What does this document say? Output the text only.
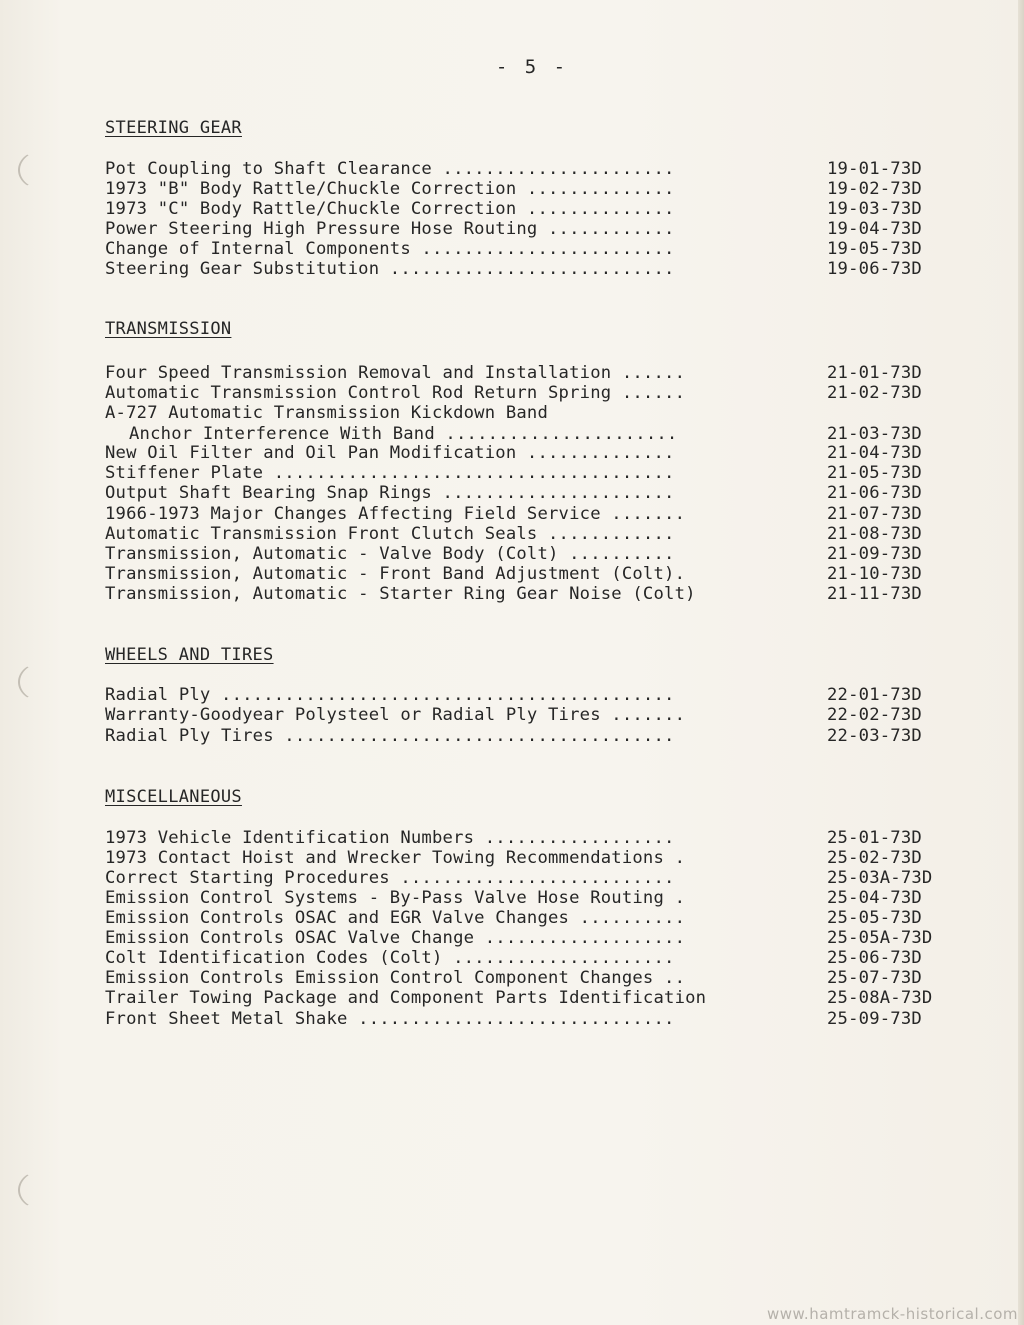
- 5 -
STEERING GEAR
Pot Coupling to Shaft Clearance ......................	19-01-73D
1973 "B" Body Rattle/Chuckle Correction ..............	19-02-73D
1973 "C" Body Rattle/Chuckle Correction ..............	19-03-73D
Power Steering High Pressure Hose Routing ............	19-04-73D
Change of Internal Components ........................	19-05-73D
Steering Gear Substitution ...........................	19-06-73D
TRANSMISSION
Four Speed Transmission Removal and Installation ......	21-01-73D
Automatic Transmission Control Rod Return Spring ......	21-02-73D
A-727 Automatic Transmission Kickdown Band
Anchor Interference With Band ......................	21-03-73D
New Oil Filter and Oil Pan Modification ..............	21-04-73D
Stiffener Plate ......................................	21-05-73D
Output Shaft Bearing Snap Rings ......................	21-06-73D
1966-1973 Major Changes Affecting Field Service .......	21-07-73D
Automatic Transmission Front Clutch Seals ............	21-08-73D
Transmission, Automatic - Valve Body (Colt) ..........	21-09-73D
Transmission, Automatic - Front Band Adjustment (Colt).	21-10-73D
Transmission, Automatic - Starter Ring Gear Noise (Colt)	21-11-73D
WHEELS AND TIRES
Radial Ply ...........................................	22-01-73D
Warranty-Goodyear Polysteel or Radial Ply Tires .......	22-02-73D
Radial Ply Tires .....................................	22-03-73D
MISCELLANEOUS
1973 Vehicle Identification Numbers ..................	25-01-73D
1973 Contact Hoist and Wrecker Towing Recommendations .	25-02-73D
Correct Starting Procedures ..........................	25-03A-73D
Emission Control Systems - By-Pass Valve Hose Routing .	25-04-73D
Emission Controls OSAC and EGR Valve Changes ..........	25-05-73D
Emission Controls OSAC Valve Change ...................	25-05A-73D
Colt Identification Codes (Colt) .....................	25-06-73D
Emission Controls Emission Control Component Changes ..	25-07-73D
Trailer Towing Package and Component Parts Identification	25-08A-73D
Front Sheet Metal Shake ..............................	25-09-73D
www.hamtramck-historical.com
